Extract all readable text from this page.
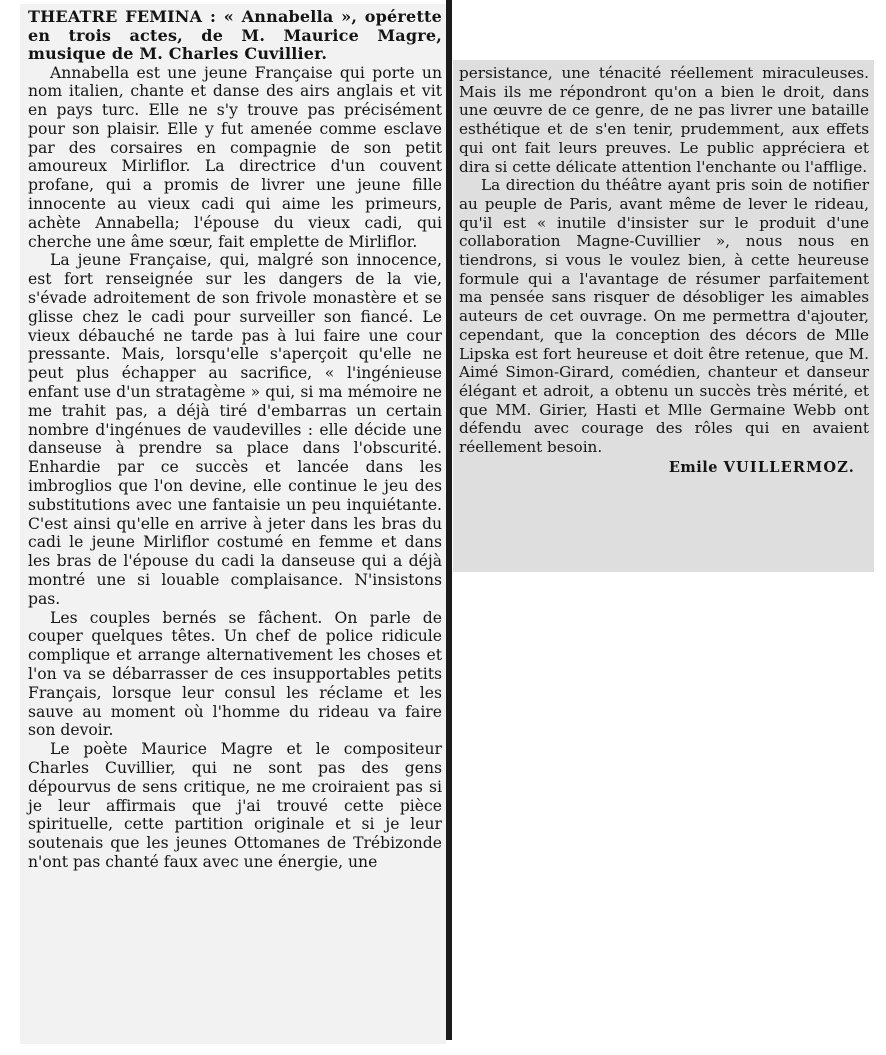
THEATRE FEMINA : « Annabella », opérette en trois actes, de M. Maurice Magre, musique de M. Charles Cuvillier.

Annabella est une jeune Française qui porte un nom italien, chante et danse des airs anglais et vit en pays turc. Elle ne s'y trouve pas précisément pour son plaisir. Elle y fut amenée comme esclave par des corsaires en compagnie de son petit amoureux Mirliflor. La directrice d'un couvent profane, qui a promis de livrer une jeune fille innocente au vieux cadi qui aime les primeurs, achète Annabella; l'épouse du vieux cadi, qui cherche une âme sœur, fait emplette de Mirliflor.

La jeune Française, qui, malgré son innocence, est fort renseignée sur les dangers de la vie, s'évade adroitement de son frivole monastère et se glisse chez le cadi pour surveiller son fiancé. Le vieux débauché ne tarde pas à lui faire une cour pressante. Mais, lorsqu'elle s'aperçoit qu'elle ne peut plus échapper au sacrifice, « l'ingénieuse enfant use d'un stratagème » qui, si ma mémoire ne me trahit pas, a déjà tiré d'embarras un certain nombre d'ingénues de vaudevilles : elle décide une danseuse à prendre sa place dans l'obscurité. Enhardie par ce succès et lancée dans les imbroglios que l'on devine, elle continue le jeu des substitutions avec une fantaisie un peu inquiétante. C'est ainsi qu'elle en arrive à jeter dans les bras du cadi le jeune Mirliflor costumé en femme et dans les bras de l'épouse du cadi la danseuse qui a déjà montré une si louable complaisance. N'insistons pas.

Les couples bernés se fâchent. On parle de couper quelques têtes. Un chef de police ridicule complique et arrange alternativement les choses et l'on va se débarrasser de ces insupportables petits Français, lorsque leur consul les réclame et les sauve au moment où l'homme du rideau va faire son devoir.

Le poète Maurice Magre et le compositeur Charles Cuvillier, qui ne sont pas des gens dépourvus de sens critique, ne me croiraient pas si je leur affirmais que j'ai trouvé cette pièce spirituelle, cette partition originale et si je leur soutenais que les jeunes Ottomanes de Trébizonde n'ont pas chanté faux avec une énergie, une

persistance, une ténacité réellement miraculeuses. Mais ils me répondront qu'on a bien le droit, dans une œuvre de ce genre, de ne pas livrer une bataille esthétique et de s'en tenir, prudemment, aux effets qui ont fait leurs preuves. Le public appréciera et dira si cette délicate attention l'enchante ou l'afflige.

La direction du théâtre ayant pris soin de notifier au peuple de Paris, avant même de lever le rideau, qu'il est « inutile d'insister sur le produit d'une collaboration Magne-Cuvillier », nous nous en tiendrons, si vous le voulez bien, à cette heureuse formule qui a l'avantage de résumer parfaitement ma pensée sans risquer de désobliger les aimables auteurs de cet ouvrage. On me permettra d'ajouter, cependant, que la conception des décors de Mlle Lipska est fort heureuse et doit être retenue, que M. Aimé Simon-Girard, comédien, chanteur et danseur élégant et adroit, a obtenu un succès très mérité, et que MM. Girier, Hasti et Mlle Germaine Webb ont défendu avec courage des rôles qui en avaient réellement besoin.

Emile VUILLERMOZ.
